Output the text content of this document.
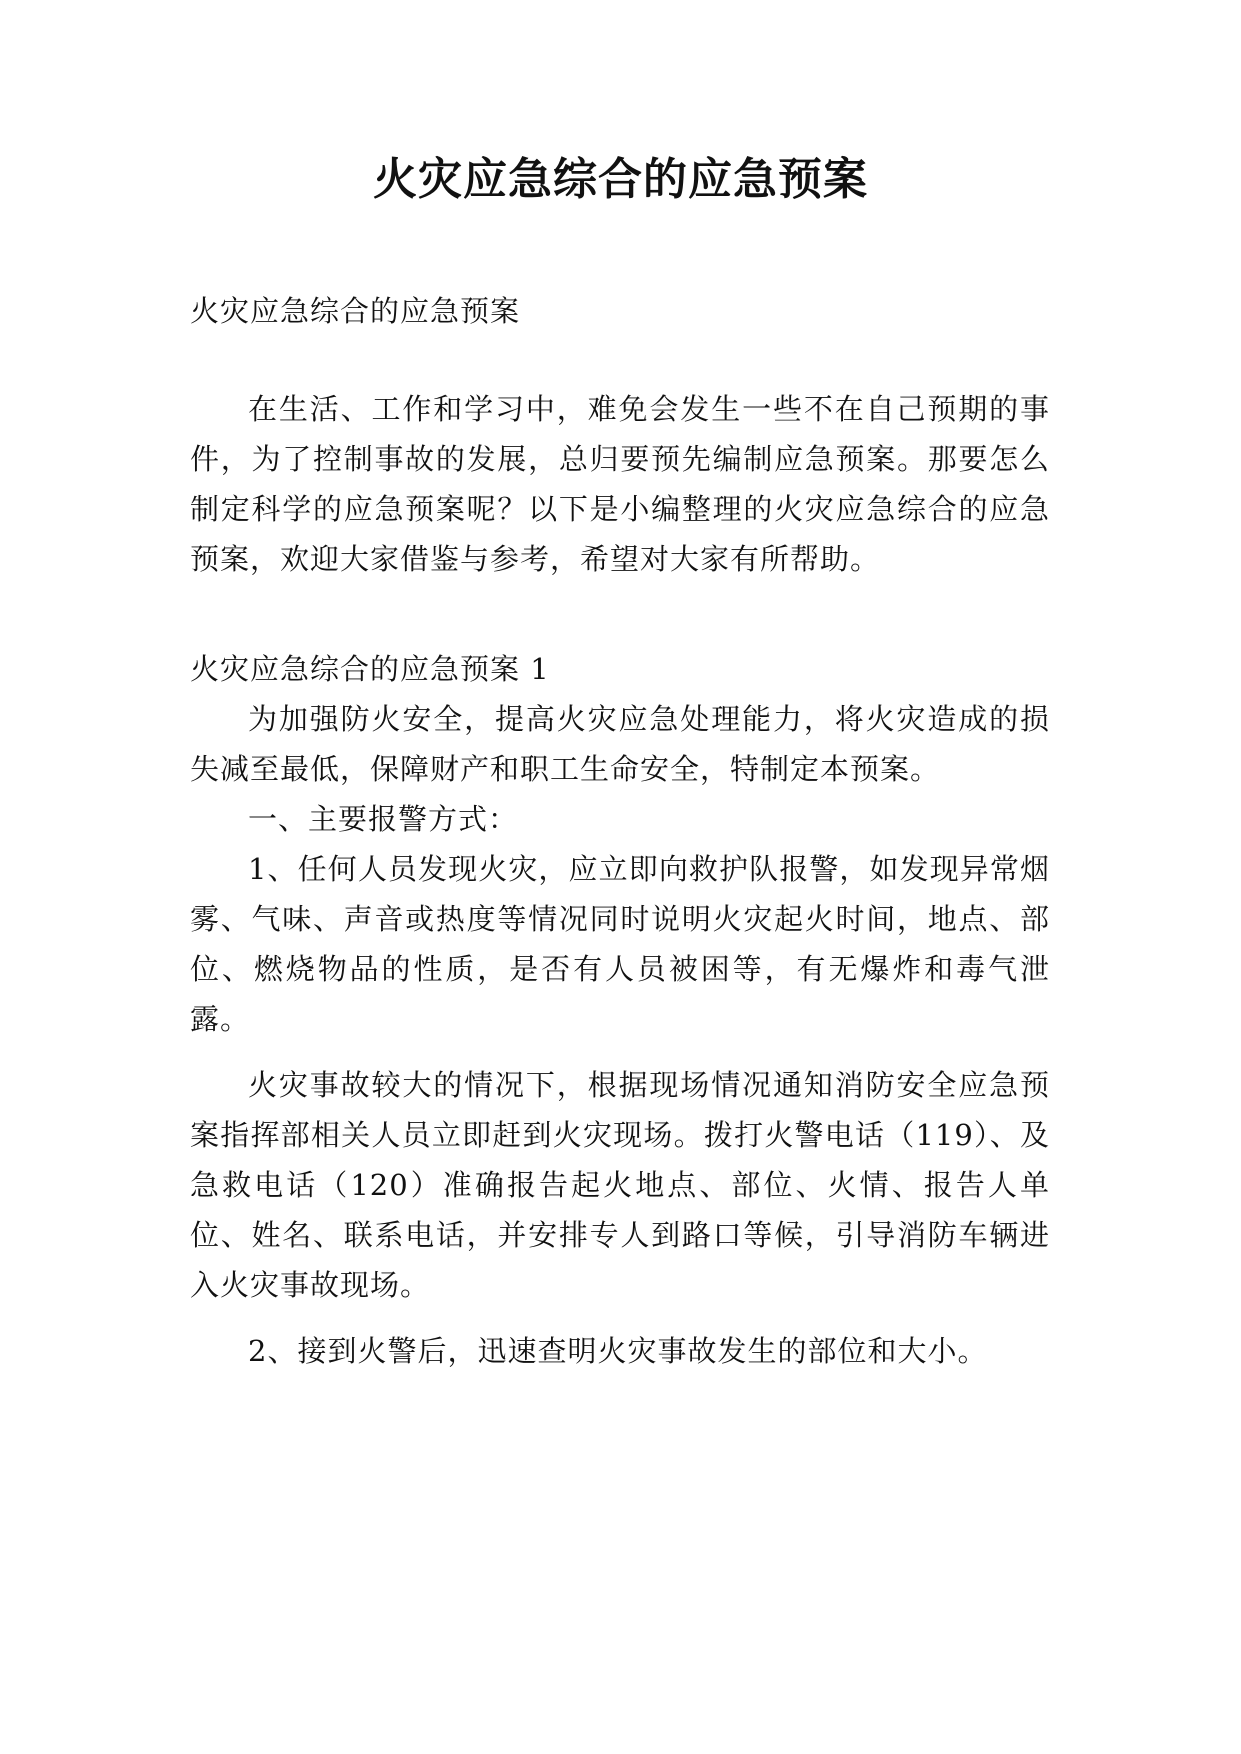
火灾应急综合的应急预案

火灾应急综合的应急预案

在生活、工作和学习中，难免会发生一些不在自己预期的事件，为了控制事故的发展，总归要预先编制应急预案。那要怎么制定科学的应急预案呢？以下是小编整理的火灾应急综合的应急预案，欢迎大家借鉴与参考，希望对大家有所帮助。

火灾应急综合的应急预案 1

为加强防火安全，提高火灾应急处理能力，将火灾造成的损失减至最低，保障财产和职工生命安全，特制定本预案。

一、主要报警方式：

1、任何人员发现火灾，应立即向救护队报警，如发现异常烟雾、气味、声音或热度等情况同时说明火灾起火时间，地点、部位、燃烧物品的性质，是否有人员被困等，有无爆炸和毒气泄露。

火灾事故较大的情况下，根据现场情况通知消防安全应急预案指挥部相关人员立即赶到火灾现场。拨打火警电话（119）、及急救电话（120）准确报告起火地点、部位、火情、报告人单位、姓名、联系电话，并安排专人到路口等候，引导消防车辆进入火灾事故现场。

2、接到火警后，迅速查明火灾事故发生的部位和大小。
